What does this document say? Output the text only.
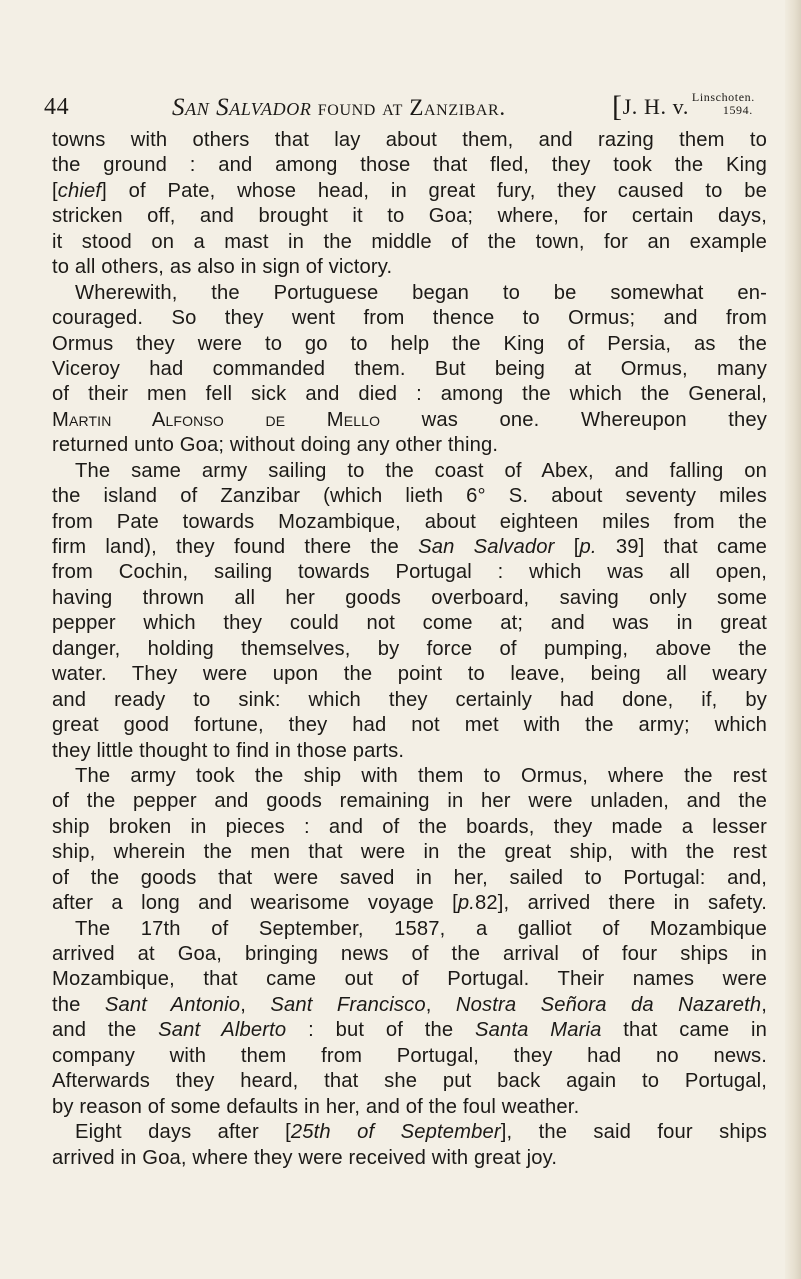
44	San Salvador found at Zanzibar.	[J. H. v. Linschoten.
1594.
towns with others that lay about them, and razing them to
the ground : and among those that fled, they took the King
[chief] of Pate, whose head, in great fury, they caused to be
stricken off, and brought it to Goa; where, for certain days,
it stood on a mast in the middle of the town, for an example
to all others, as also in sign of victory.
Wherewith, the Portuguese began to be somewhat en-
couraged. So they went from thence to Ormus; and from
Ormus they were to go to help the King of Persia, as the
Viceroy had commanded them. But being at Ormus, many
of their men fell sick and died : among the which the General,
Martin Alfonso de Mello was one. Whereupon they
returned unto Goa; without doing any other thing.
The same army sailing to the coast of Abex, and falling on
the island of Zanzibar (which lieth 6° S. about seventy miles
from Pate towards Mozambique, about eighteen miles from the
firm land), they found there the San Salvador [p. 39] that came
from Cochin, sailing towards Portugal : which was all open,
having thrown all her goods overboard, saving only some
pepper which they could not come at; and was in great
danger, holding themselves, by force of pumping, above the
water. They were upon the point to leave, being all weary
and ready to sink: which they certainly had done, if, by
great good fortune, they had not met with the army; which
they little thought to find in those parts.
The army took the ship with them to Ormus, where the rest
of the pepper and goods remaining in her were unladen, and the
ship broken in pieces : and of the boards, they made a lesser
ship, wherein the men that were in the great ship, with the rest
of the goods that were saved in her, sailed to Portugal: and,
after a long and wearisome voyage [p.82], arrived there in safety.
The 17th of September, 1587, a galliot of Mozambique
arrived at Goa, bringing news of the arrival of four ships in
Mozambique, that came out of Portugal. Their names were
the Sant Antonio, Sant Francisco, Nostra Señora da Nazareth,
and the Sant Alberto : but of the Santa Maria that came in
company with them from Portugal, they had no news.
Afterwards they heard, that she put back again to Portugal,
by reason of some defaults in her, and of the foul weather.
Eight days after [25th of September], the said four ships
arrived in Goa, where they were received with great joy.
